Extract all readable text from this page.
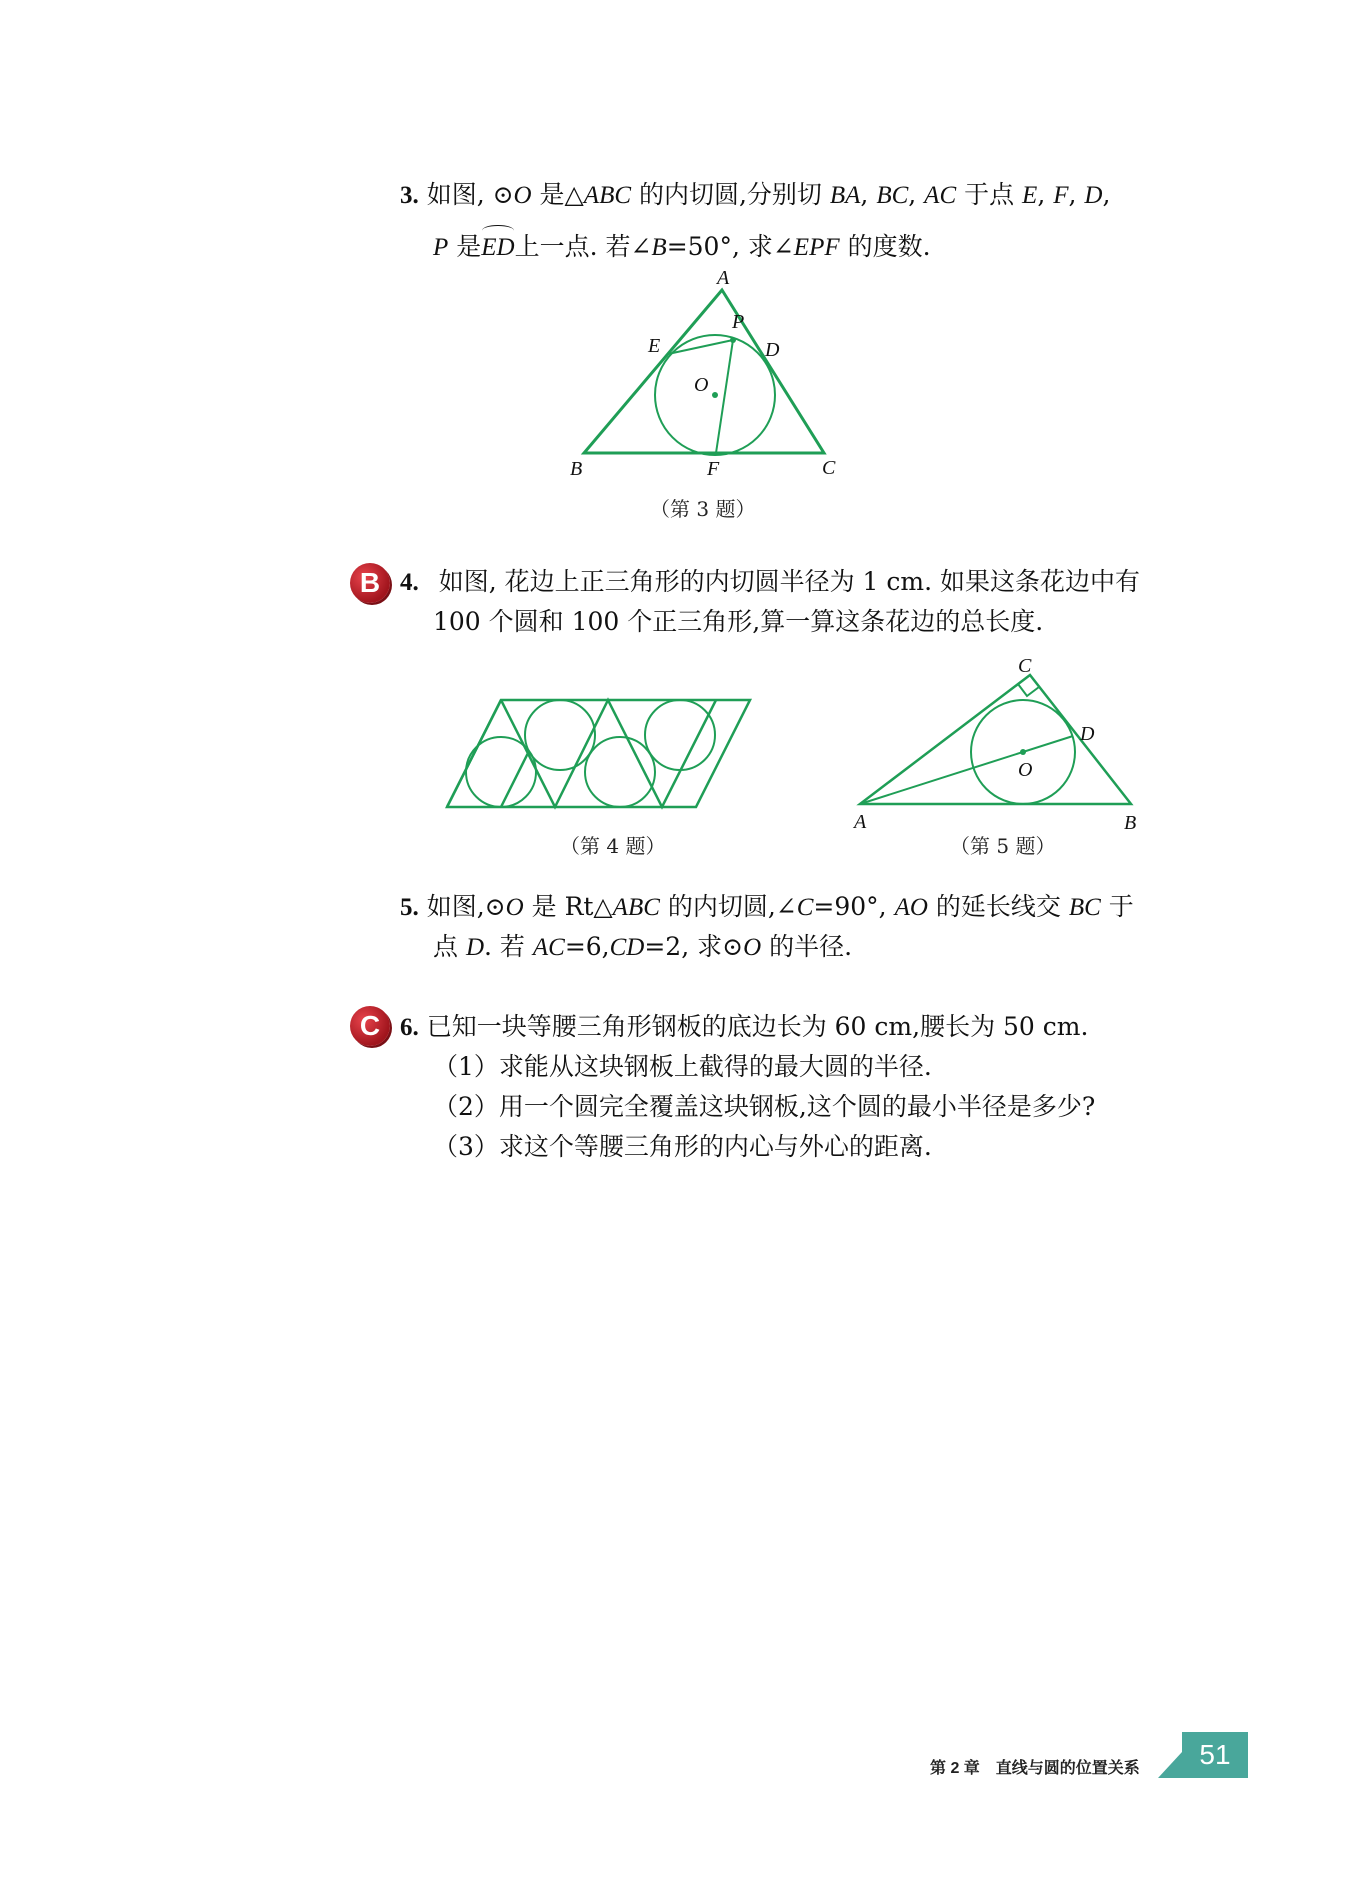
3. 如图, ⊙O 是△ABC 的内切圆,分别切 BA, BC, AC 于点 E, F, D,
P 是ED上一点. 若∠B=50°, 求∠EPF 的度数.
A
B	C
D
E
F
P
O
（第 3 题）
B 4. 如图, 花边上正三角形的内切圆半径为 1 cm. 如果这条花边中有
100 个圆和 100 个正三角形,算一算这条花边的总长度.
（第 4 题）
C
D
O
A	B
（第 5 题）
5. 如图,⊙O 是 Rt△ABC 的内切圆,∠C=90°, AO 的延长线交 BC 于
点 D. 若 AC=6,CD=2, 求⊙O 的半径.
C 6. 已知一块等腰三角形钢板的底边长为 60 cm,腰长为 50 cm.
（1）求能从这块钢板上截得的最大圆的半径.
（2）用一个圆完全覆盖这块钢板,这个圆的最小半径是多少?
（3）求这个等腰三角形的内心与外心的距离.
第 2 章　直线与圆的位置关系	51
